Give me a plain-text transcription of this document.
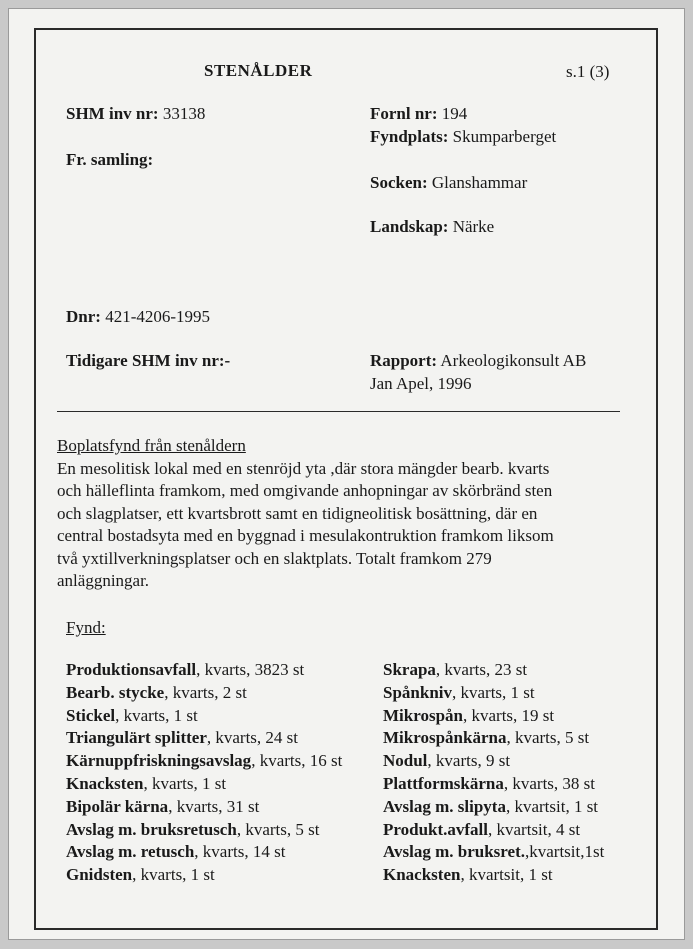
STENÅLDER	s.1 (3)
SHM inv nr: 33138
Fr. samling:
Fornl nr: 194
Fyndplats: Skumparberget
Socken: Glanshammar
Landskap: Närke
Dnr: 421-4206-1995
Tidigare SHM inv nr:-	Rapport: Arkeologikonsult AB
Jan Apel, 1996
Boplatsfynd från stenåldern
En mesolitisk lokal med en stenröjd yta ,där stora mängder bearb. kvarts
och hälleflinta framkom, med omgivande anhopningar av skörbränd sten
och slagplatser, ett kvartsbrott samt en tidigneolitisk bosättning, där en
central bostadsyta med en byggnad i mesulakontruktion framkom liksom
två yxtillverkningsplatser och en slaktplats. Totalt framkom 279
anläggningar.
Fynd:
Produktionsavfall, kvarts, 3823 st
Bearb. stycke, kvarts, 2 st
Stickel, kvarts, 1 st
Triangulärt splitter, kvarts, 24 st
Kärnuppfriskningsavslag, kvarts, 16 st
Knacksten, kvarts, 1 st
Bipolär kärna, kvarts, 31 st
Avslag m. bruksretusch, kvarts, 5 st
Avslag m. retusch, kvarts, 14 st
Gnidsten, kvarts, 1 st
Skrapa, kvarts, 23 st
Spånkniv, kvarts, 1 st
Mikrospån, kvarts, 19 st
Mikrospånkärna, kvarts, 5 st
Nodul, kvarts, 9 st
Plattformskärna, kvarts, 38 st
Avslag m. slipyta, kvartsit, 1 st
Produkt.avfall, kvartsit, 4 st
Avslag m. bruksret.,kvartsit,1st
Knacksten, kvartsit, 1 st
